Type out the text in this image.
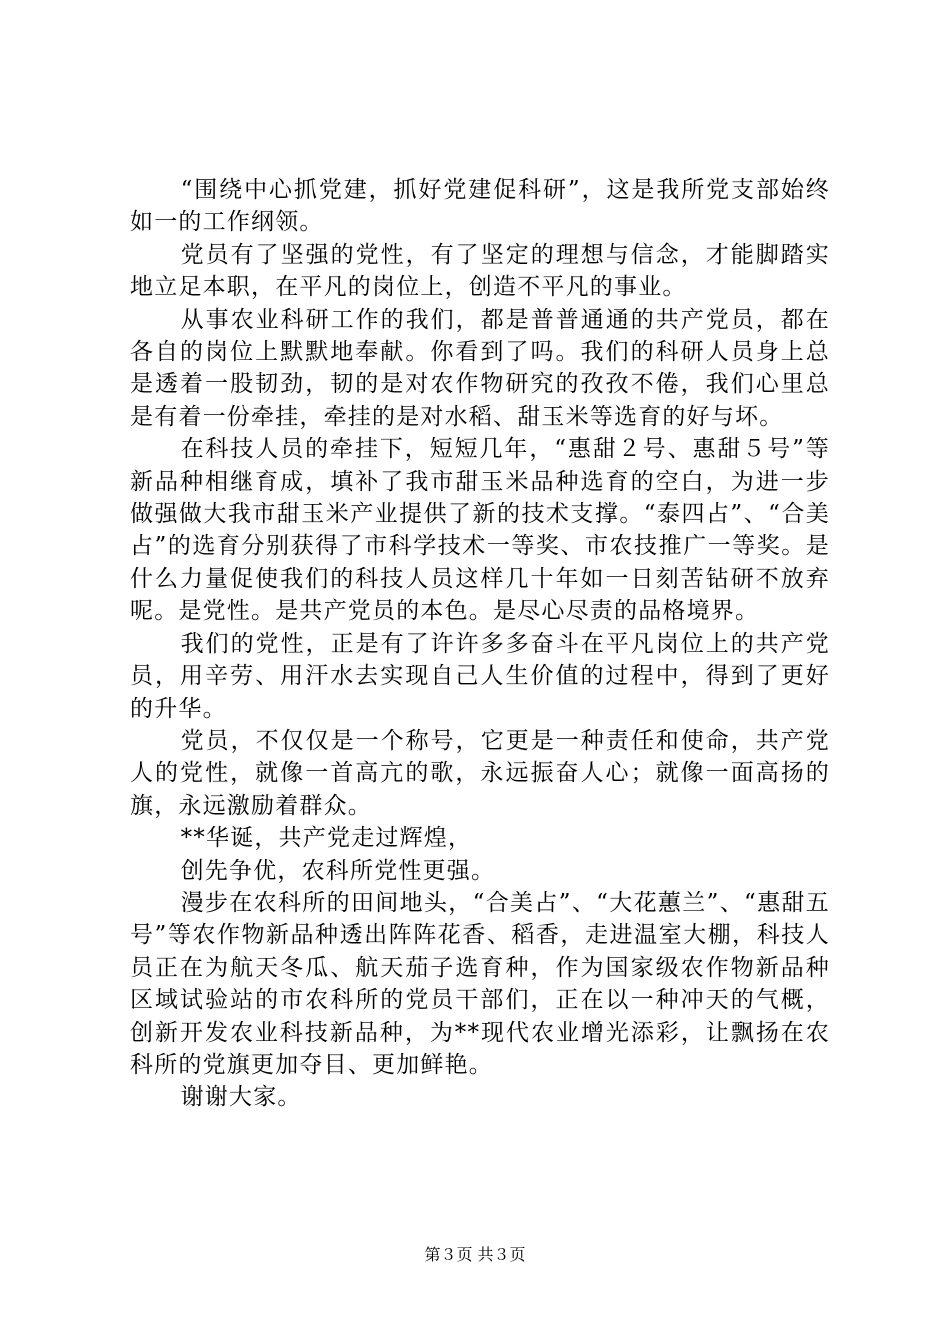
“围绕中心抓党建，抓好党建促科研”，这是我所党支部始终如一的工作纲领。

党员有了坚强的党性，有了坚定的理想与信念，才能脚踏实地立足本职，在平凡的岗位上，创造不平凡的事业。

从事农业科研工作的我们，都是普普通通的共产党员，都在各自的岗位上默默地奉献。你看到了吗。我们的科研人员身上总是透着一股韧劲，韧的是对农作物研究的孜孜不倦，我们心里总是有着一份牵挂，牵挂的是对水稻、甜玉米等选育的好与坏。

在科技人员的牵挂下，短短几年，“惠甜２号、惠甜５号”等新品种相继育成，填补了我市甜玉米品种选育的空白，为进一步做强做大我市甜玉米产业提供了新的技术支撑。“泰四占”、“合美占”的选育分别获得了市科学技术一等奖、市农技推广一等奖。是什么力量促使我们的科技人员这样几十年如一日刻苦钻研不放弃呢。是党性。是共产党员的本色。是尽心尽责的品格境界。

我们的党性，正是有了许许多多奋斗在平凡岗位上的共产党员，用辛劳、用汗水去实现自己人生价值的过程中，得到了更好的升华。

党员，不仅仅是一个称号，它更是一种责任和使命，共产党人的党性，就像一首高亢的歌，永远振奋人心；就像一面高扬的旗，永远激励着群众。

**华诞，共产党走过辉煌，

创先争优，农科所党性更强。

漫步在农科所的田间地头，“合美占”、“大花蕙兰”、“惠甜五号”等农作物新品种透出阵阵花香、稻香，走进温室大棚，科技人员正在为航天冬瓜、航天茄子选育种，作为国家级农作物新品种区域试验站的市农科所的党员干部们，正在以一种冲天的气概，创新开发农业科技新品种，为**现代农业增光添彩，让飘扬在农科所的党旗更加夺目、更加鲜艳。

谢谢大家。

第３页 共３页
